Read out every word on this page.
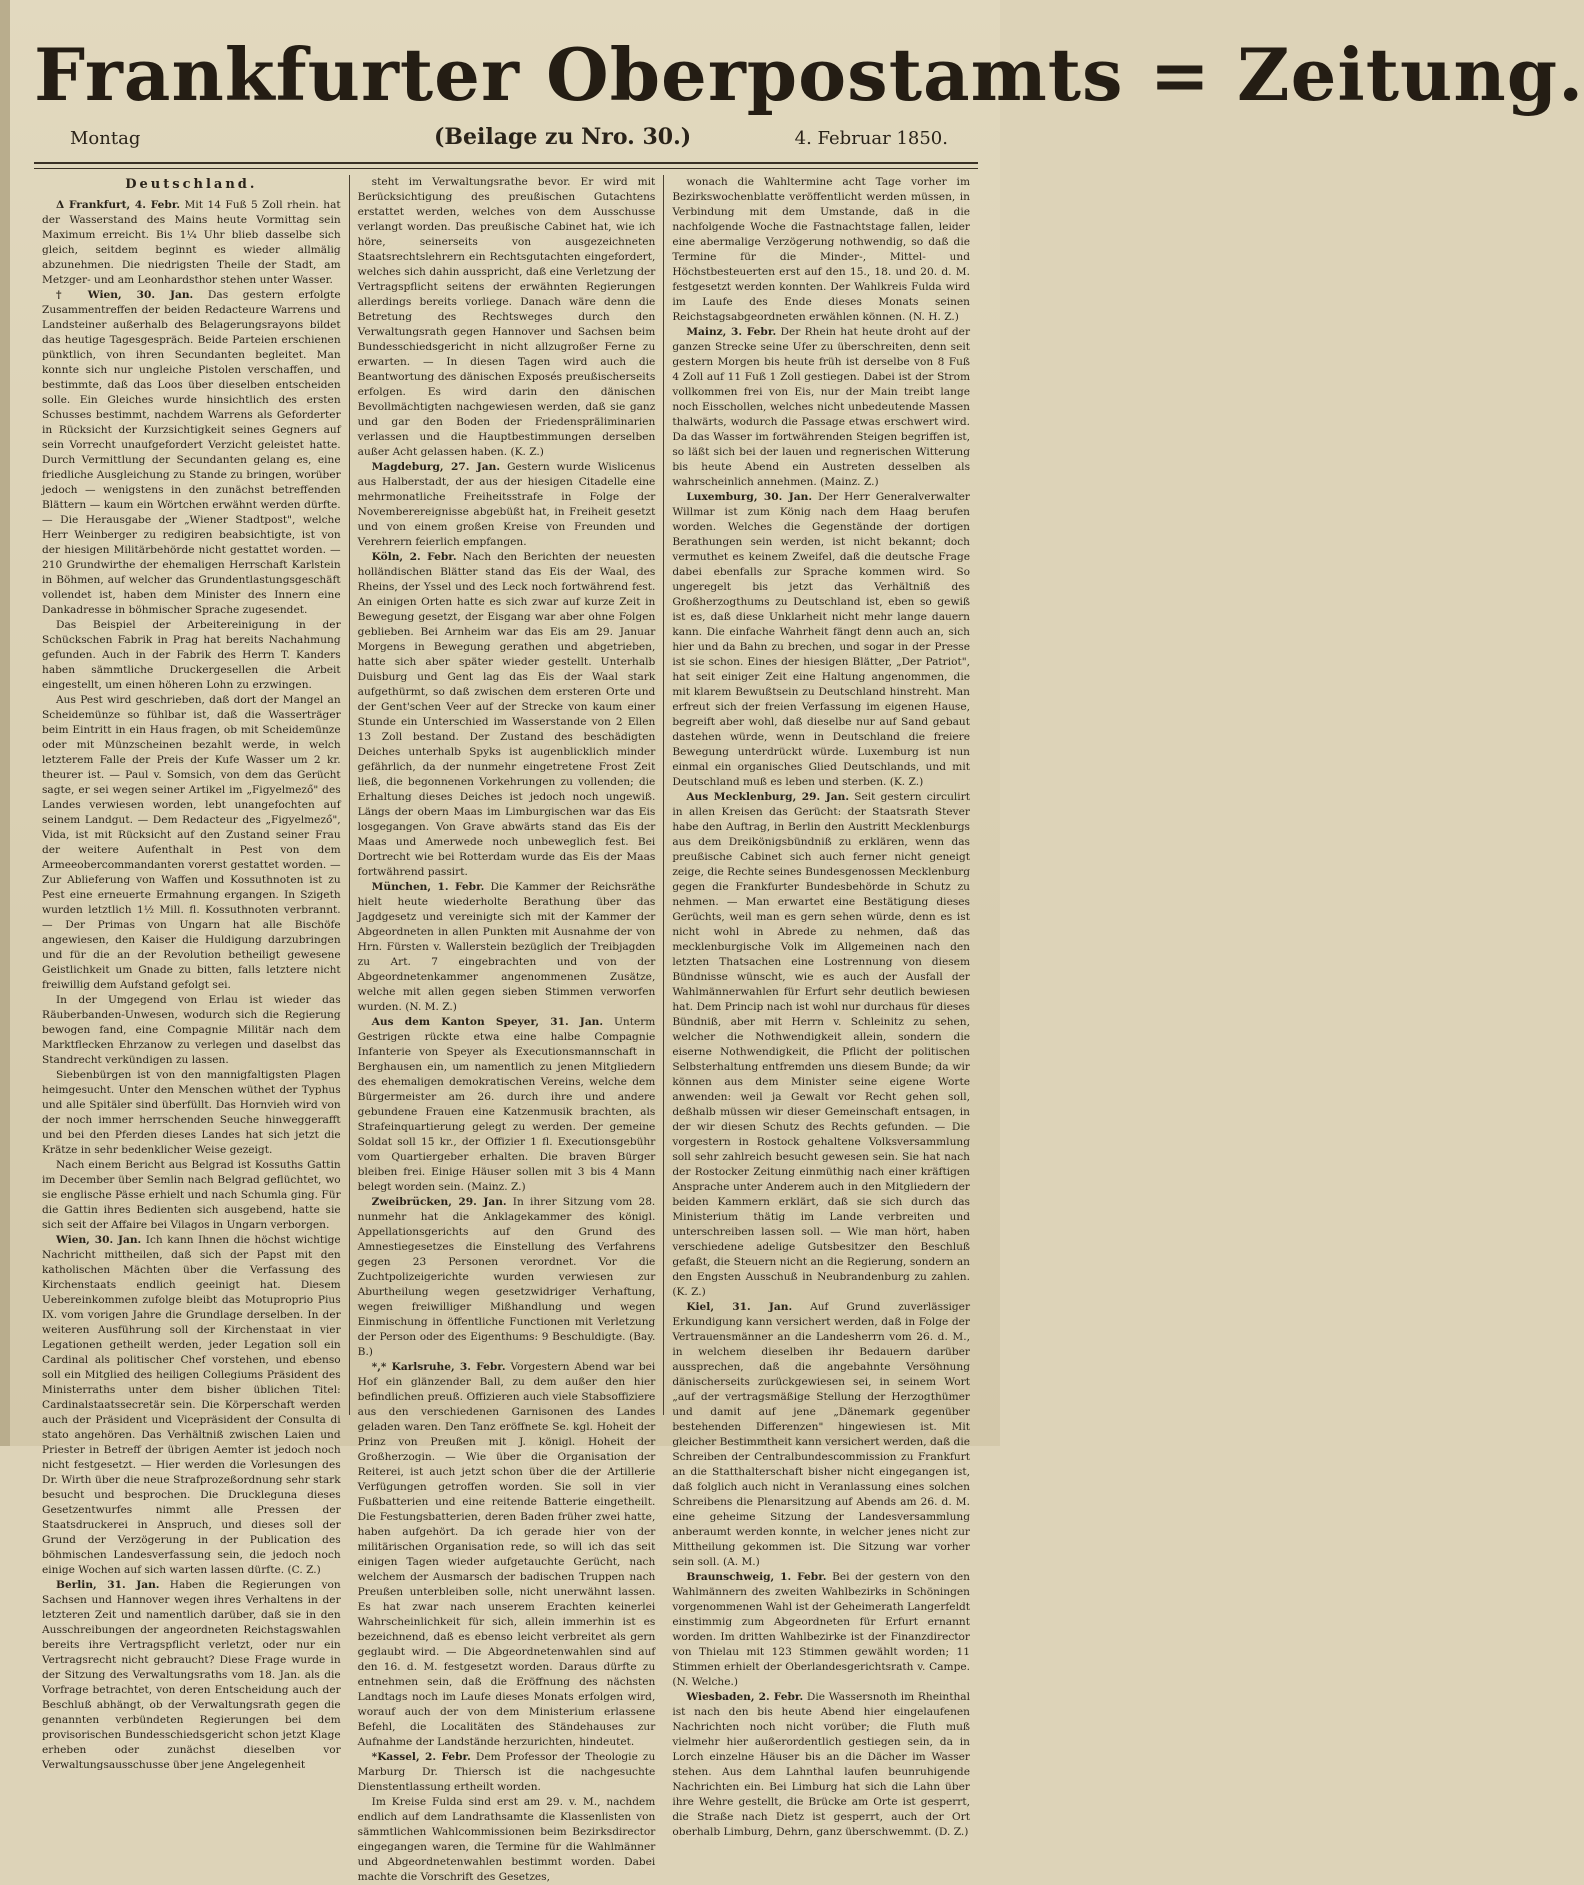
Frankfurter Oberpostamts = Zeitung.
Montag	(Beilage zu Nro. 30.)	4. Februar 1850.
Deutschland.

Δ Frankfurt, 4. Febr. Mit 14 Fuß 5 Zoll rhein. hat der Wasserstand des Mains heute Vormittag sein Maximum erreicht. Bis 1¼ Uhr blieb dasselbe sich gleich, seitdem beginnt es wieder allmälig abzunehmen. Die niedrigsten Theile der Stadt, am Metzger- und am Leonhardsthor stehen unter Wasser.

† Wien, 30. Jan. Das gestern erfolgte Zusammentreffen der beiden Redacteure Warrens und Landsteiner außerhalb des Belagerungsrayons bildet das heutige Tagesgespräch. Beide Parteien erschienen pünktlich, von ihren Secundanten begleitet. Man konnte sich nur ungleiche Pistolen verschaffen, und bestimmte, daß das Loos über dieselben entscheiden solle. Ein Gleiches wurde hinsichtlich des ersten Schusses bestimmt, nachdem Warrens als Geforderter in Rücksicht der Kurzsichtigkeit seines Gegners auf sein Vorrecht unaufgefordert Verzicht geleistet hatte. Durch Vermittlung der Secundanten gelang es, eine friedliche Ausgleichung zu Stande zu bringen, worüber jedoch — wenigstens in den zunächst betreffenden Blättern — kaum ein Wörtchen erwähnt werden dürfte. — Die Herausgabe der „Wiener Stadtpost", welche Herr Weinberger zu redigiren beabsichtigte, ist von der hiesigen Militärbehörde nicht gestattet worden. — 210 Grundwirthe der ehemaligen Herrschaft Karlstein in Böhmen, auf welcher das Grundentlastungsgeschäft vollendet ist, haben dem Minister des Innern eine Dankadresse in böhmischer Sprache zugesendet.

Das Beispiel der Arbeitereinigung in der Schückschen Fabrik in Prag hat bereits Nachahmung gefunden. Auch in der Fabrik des Herrn T. Kanders haben sämmtliche Druckergesellen die Arbeit eingestellt, um einen höheren Lohn zu erzwingen.

Aus Pest wird geschrieben, daß dort der Mangel an Scheidemünze so fühlbar ist, daß die Wasserträger beim Eintritt in ein Haus fragen, ob mit Scheidemünze oder mit Münzscheinen bezahlt werde, in welch letzterem Falle der Preis der Kufe Wasser um 2 kr. theurer ist. — Paul v. Somsich, von dem das Gerücht sagte, er sei wegen seiner Artikel im „Figyelmező" des Landes verwiesen worden, lebt unangefochten auf seinem Landgut. — Dem Redacteur des „Figyelmező", Vida, ist mit Rücksicht auf den Zustand seiner Frau der weitere Aufenthalt in Pest von dem Armeeobercommandanten vorerst gestattet worden. — Zur Ablieferung von Waffen und Kossuthnoten ist zu Pest eine erneuerte Ermahnung ergangen. In Szigeth wurden letztlich 1½ Mill. fl. Kossuthnoten verbrannt. — Der Primas von Ungarn hat alle Bischöfe angewiesen, den Kaiser die Huldigung darzubringen und für die an der Revolution betheiligt gewesene Geistlichkeit um Gnade zu bitten, falls letztere nicht freiwillig dem Aufstand gefolgt sei.

In der Umgegend von Erlau ist wieder das Räuberbanden-Unwesen, wodurch sich die Regierung bewogen fand, eine Compagnie Militär nach dem Marktflecken Ehrzanow zu verlegen und daselbst das Standrecht verkündigen zu lassen.

Siebenbürgen ist von den mannigfaltigsten Plagen heimgesucht. Unter den Menschen wüthet der Typhus und alle Spitäler sind überfüllt. Das Hornvieh wird von der noch immer herrschenden Seuche hinweggerafft und bei den Pferden dieses Landes hat sich jetzt die Krätze in sehr bedenklicher Weise gezeigt.

Nach einem Bericht aus Belgrad ist Kossuths Gattin im December über Semlin nach Belgrad geflüchtet, wo sie englische Pässe erhielt und nach Schumla ging. Für die Gattin ihres Bedienten sich ausgebend, hatte sie sich seit der Affaire bei Vilagos in Ungarn verborgen.

Wien, 30. Jan. Ich kann Ihnen die höchst wichtige Nachricht mittheilen, daß sich der Papst mit den katholischen Mächten über die Verfassung des Kirchenstaats endlich geeinigt hat. Diesem Uebereinkommen zufolge bleibt das Motuproprio Pius IX. vom vorigen Jahre die Grundlage derselben. In der weiteren Ausführung soll der Kirchenstaat in vier Legationen getheilt werden, jeder Legation soll ein Cardinal als politischer Chef vorstehen, und ebenso soll ein Mitglied des heiligen Collegiums Präsident des Ministerraths unter dem bisher üblichen Titel: Cardinalstaatssecretär sein. Die Körperschaft werden auch der Präsident und Vicepräsident der Consulta di stato angehören. Das Verhältniß zwischen Laien und Priester in Betreff der übrigen Aemter ist jedoch noch nicht festgesetzt. — Hier werden die Vorlesungen des Dr. Wirth über die neue Strafprozeßordnung sehr stark besucht und besprochen. Die Druckleguna dieses Gesetzentwurfes nimmt alle Pressen der Staatsdruckerei in Anspruch, und dieses soll der Grund der Verzögerung in der Publication des böhmischen Landesverfassung sein, die jedoch noch einige Wochen auf sich warten lassen dürfte. (C. Z.)

Berlin, 31. Jan. Haben die Regierungen von Sachsen und Hannover wegen ihres Verhaltens in der letzteren Zeit und namentlich darüber, daß sie in den Ausschreibungen der angeordneten Reichstagswahlen bereits ihre Vertragspflicht verletzt, oder nur ein Vertragsrecht nicht gebraucht? Diese Frage wurde in der Sitzung des Verwaltungsraths vom 18. Jan. als die Vorfrage betrachtet, von deren Entscheidung auch der Beschluß abhängt, ob der Verwaltungsrath gegen die genannten verbündeten Regierungen bei dem provisorischen Bundesschiedsgericht schon jetzt Klage erheben oder zunächst dieselben vor Verwaltungsausschusse über jene Angelegenheit

steht im Verwaltungsrathe bevor. Er wird mit Berücksichtigung des preußischen Gutachtens erstattet werden, welches von dem Ausschusse verlangt worden. Das preußische Cabinet hat, wie ich höre, seinerseits von ausgezeichneten Staatsrechtslehrern ein Rechtsgutachten eingefordert, welches sich dahin ausspricht, daß eine Verletzung der Vertragspflicht seitens der erwähnten Regierungen allerdings bereits vorliege. Danach wäre denn die Betretung des Rechtsweges durch den Verwaltungsrath gegen Hannover und Sachsen beim Bundesschiedsgericht in nicht allzugroßer Ferne zu erwarten. — In diesen Tagen wird auch die Beantwortung des dänischen Exposés preußischerseits erfolgen. Es wird darin den dänischen Bevollmächtigten nachgewiesen werden, daß sie ganz und gar den Boden der Friedenspräliminarien verlassen und die Hauptbestimmungen derselben außer Acht gelassen haben. (K. Z.)

Magdeburg, 27. Jan. Gestern wurde Wislicenus aus Halberstadt, der aus der hiesigen Citadelle eine mehrmonatliche Freiheitsstrafe in Folge der Novemberereignisse abgebüßt hat, in Freiheit gesetzt und von einem großen Kreise von Freunden und Verehrern feierlich empfangen.

Köln, 2. Febr. Nach den Berichten der neuesten holländischen Blätter stand das Eis der Waal, des Rheins, der Yssel und des Leck noch fortwährend fest. An einigen Orten hatte es sich zwar auf kurze Zeit in Bewegung gesetzt, der Eisgang war aber ohne Folgen geblieben. Bei Arnheim war das Eis am 29. Januar Morgens in Bewegung gerathen und abgetrieben, hatte sich aber später wieder gestellt. Unterhalb Duisburg und Gent lag das Eis der Waal stark aufgethürmt, so daß zwischen dem ersteren Orte und der Gent'schen Veer auf der Strecke von kaum einer Stunde ein Unterschied im Wasserstande von 2 Ellen 13 Zoll bestand. Der Zustand des beschädigten Deiches unterhalb Spyks ist augenblicklich minder gefährlich, da der nunmehr eingetretene Frost Zeit ließ, die begonnenen Vorkehrungen zu vollenden; die Erhaltung dieses Deiches ist jedoch noch ungewiß. Längs der obern Maas im Limburgischen war das Eis losgegangen. Von Grave abwärts stand das Eis der Maas und Amerwede noch unbeweglich fest. Bei Dortrecht wie bei Rotterdam wurde das Eis der Maas fortwährend passirt.

München, 1. Febr. Die Kammer der Reichsräthe hielt heute wiederholte Berathung über das Jagdgesetz und vereinigte sich mit der Kammer der Abgeordneten in allen Punkten mit Ausnahme der von Hrn. Fürsten v. Wallerstein bezüglich der Treibjagden zu Art. 7 eingebrachten und von der Abgeordnetenkammer angenommenen Zusätze, welche mit allen gegen sieben Stimmen verworfen wurden. (N. M. Z.)

Aus dem Kanton Speyer, 31. Jan. Unterm Gestrigen rückte etwa eine halbe Compagnie Infanterie von Speyer als Executionsmannschaft in Berghausen ein, um namentlich zu jenen Mitgliedern des ehemaligen demokratischen Vereins, welche dem Bürgermeister am 26. durch ihre und andere gebundene Frauen eine Katzenmusik brachten, als Strafeinquartierung gelegt zu werden. Der gemeine Soldat soll 15 kr., der Offizier 1 fl. Executionsgebühr vom Quartiergeber erhalten. Die braven Bürger bleiben frei. Einige Häuser sollen mit 3 bis 4 Mann belegt worden sein. (Mainz. Z.)

Zweibrücken, 29. Jan. In ihrer Sitzung vom 28. nunmehr hat die Anklagekammer des königl. Appellationsgerichts auf den Grund des Amnestiegesetzes die Einstellung des Verfahrens gegen 23 Personen verordnet. Vor die Zuchtpolizeigerichte wurden verwiesen zur Aburtheilung wegen gesetzwidriger Verhaftung, wegen freiwilliger Mißhandlung und wegen Einmischung in öffentliche Functionen mit Verletzung der Person oder des Eigenthums: 9 Beschuldigte. (Bay. B.)

*,* Karlsruhe, 3. Febr. Vorgestern Abend war bei Hof ein glänzender Ball, zu dem außer den hier befindlichen preuß. Offizieren auch viele Stabsoffiziere aus den verschiedenen Garnisonen des Landes geladen waren. Den Tanz eröffnete Se. kgl. Hoheit der Prinz von Preußen mit J. königl. Hoheit der Großherzogin. — Wie über die Organisation der Reiterei, ist auch jetzt schon über die der Artillerie Verfügungen getroffen worden. Sie soll in vier Fußbatterien und eine reitende Batterie eingetheilt. Die Festungsbatterien, deren Baden früher zwei hatte, haben aufgehört. Da ich gerade hier von der militärischen Organisation rede, so will ich das seit einigen Tagen wieder aufgetauchte Gerücht, nach welchem der Ausmarsch der badischen Truppen nach Preußen unterbleiben solle, nicht unerwähnt lassen. Es hat zwar nach unserem Erachten keinerlei Wahrscheinlichkeit für sich, allein immerhin ist es bezeichnend, daß es ebenso leicht verbreitet als gern geglaubt wird. — Die Abgeordnetenwahlen sind auf den 16. d. M. festgesetzt worden. Daraus dürfte zu entnehmen sein, daß die Eröffnung des nächsten Landtags noch im Laufe dieses Monats erfolgen wird, worauf auch der von dem Ministerium erlassene Befehl, die Localitäten des Ständehauses zur Aufnahme der Landstände herzurichten, hindeutet.

*Kassel, 2. Febr. Dem Professor der Theologie zu Marburg Dr. Thiersch ist die nachgesuchte Dienstentlassung ertheilt worden.

Im Kreise Fulda sind erst am 29. v. M., nachdem endlich auf dem Landrathsamte die Klassenlisten von sämmtlichen Wahlcommissionen beim Bezirksdirector eingegangen waren, die Termine für die Wahlmänner und Abgeordnetenwahlen bestimmt worden. Dabei machte die Vorschrift des Gesetzes,

wonach die Wahltermine acht Tage vorher im Bezirkswochenblatte veröffentlicht werden müssen, in Verbindung mit dem Umstande, daß in die nachfolgende Woche die Fastnachtstage fallen, leider eine abermalige Verzögerung nothwendig, so daß die Termine für die Minder-, Mittel- und Höchstbesteuerten erst auf den 15., 18. und 20. d. M. festgesetzt werden konnten. Der Wahlkreis Fulda wird im Laufe des Ende dieses Monats seinen Reichstagsabgeordneten erwählen können. (N. H. Z.)

Mainz, 3. Febr. Der Rhein hat heute droht auf der ganzen Strecke seine Ufer zu überschreiten, denn seit gestern Morgen bis heute früh ist derselbe von 8 Fuß 4 Zoll auf 11 Fuß 1 Zoll gestiegen. Dabei ist der Strom vollkommen frei von Eis, nur der Main treibt lange noch Eisschollen, welches nicht unbedeutende Massen thalwärts, wodurch die Passage etwas erschwert wird. Da das Wasser im fortwährenden Steigen begriffen ist, so läßt sich bei der lauen und regnerischen Witterung bis heute Abend ein Austreten desselben als wahrscheinlich annehmen. (Mainz. Z.)

Luxemburg, 30. Jan. Der Herr Generalverwalter Willmar ist zum König nach dem Haag berufen worden. Welches die Gegenstände der dortigen Berathungen sein werden, ist nicht bekannt; doch vermuthet es keinem Zweifel, daß die deutsche Frage dabei ebenfalls zur Sprache kommen wird. So ungeregelt bis jetzt das Verhältniß des Großherzogthums zu Deutschland ist, eben so gewiß ist es, daß diese Unklarheit nicht mehr lange dauern kann. Die einfache Wahrheit fängt denn auch an, sich hier und da Bahn zu brechen, und sogar in der Presse ist sie schon. Eines der hiesigen Blätter, „Der Patriot", hat seit einiger Zeit eine Haltung angenommen, die mit klarem Bewußtsein zu Deutschland hinstreht. Man erfreut sich der freien Verfassung im eigenen Hause, begreift aber wohl, daß dieselbe nur auf Sand gebaut dastehen würde, wenn in Deutschland die freiere Bewegung unterdrückt würde. Luxemburg ist nun einmal ein organisches Glied Deutschlands, und mit Deutschland muß es leben und sterben. (K. Z.)

Aus Mecklenburg, 29. Jan. Seit gestern circulirt in allen Kreisen das Gerücht: der Staatsrath Stever habe den Auftrag, in Berlin den Austritt Mecklenburgs aus dem Dreikönigsbündniß zu erklären, wenn das preußische Cabinet sich auch ferner nicht geneigt zeige, die Rechte seines Bundesgenossen Mecklenburg gegen die Frankfurter Bundesbehörde in Schutz zu nehmen. — Man erwartet eine Bestätigung dieses Gerüchts, weil man es gern sehen würde, denn es ist nicht wohl in Abrede zu nehmen, daß das mecklenburgische Volk im Allgemeinen nach den letzten Thatsachen eine Lostrennung von diesem Bündnisse wünscht, wie es auch der Ausfall der Wahlmännerwahlen für Erfurt sehr deutlich bewiesen hat. Dem Princip nach ist wohl nur durchaus für dieses Bündniß, aber mit Herrn v. Schleinitz zu sehen, welcher die Nothwendigkeit allein, sondern die eiserne Nothwendigkeit, die Pflicht der politischen Selbsterhaltung entfremden uns diesem Bunde; da wir können aus dem Minister seine eigene Worte anwenden: weil ja Gewalt vor Recht gehen soll, deßhalb müssen wir dieser Gemeinschaft entsagen, in der wir diesen Schutz des Rechts gefunden. — Die vorgestern in Rostock gehaltene Volksversammlung soll sehr zahlreich besucht gewesen sein. Sie hat nach der Rostocker Zeitung einmüthig nach einer kräftigen Ansprache unter Anderem auch in den Mitgliedern der beiden Kammern erklärt, daß sie sich durch das Ministerium thätig im Lande verbreiten und unterschreiben lassen soll. — Wie man hört, haben verschiedene adelige Gutsbesitzer den Beschluß gefaßt, die Steuern nicht an die Regierung, sondern an den Engsten Ausschuß in Neubrandenburg zu zahlen. (K. Z.)

Kiel, 31. Jan. Auf Grund zuverlässiger Erkundigung kann versichert werden, daß in Folge der Vertrauensmänner an die Landesherrn vom 26. d. M., in welchem dieselben ihr Bedauern darüber aussprechen, daß die angebahnte Versöhnung dänischerseits zurückgewiesen sei, in seinem Wort „auf der vertragsmäßige Stellung der Herzogthümer und damit auf jene „Dänemark gegenüber bestehenden Differenzen" hingewiesen ist. Mit gleicher Bestimmtheit kann versichert werden, daß die Schreiben der Centralbundescommission zu Frankfurt an die Statthalterschaft bisher nicht eingegangen ist, daß folglich auch nicht in Veranlassung eines solchen Schreibens die Plenarsitzung auf Abends am 26. d. M. eine geheime Sitzung der Landesversammlung anberaumt werden konnte, in welcher jenes nicht zur Mittheilung gekommen ist. Die Sitzung war vorher sein soll. (A. M.)

Braunschweig, 1. Febr. Bei der gestern von den Wahlmännern des zweiten Wahlbezirks in Schöningen vorgenommenen Wahl ist der Geheimerath Langerfeldt einstimmig zum Abgeordneten für Erfurt ernannt worden. Im dritten Wahlbezirke ist der Finanzdirector von Thielau mit 123 Stimmen gewählt worden; 11 Stimmen erhielt der Oberlandesgerichtsrath v. Campe. (N. Welche.)

Wiesbaden, 2. Febr. Die Wassersnoth im Rheinthal ist nach den bis heute Abend hier eingelaufenen Nachrichten noch nicht vorüber; die Fluth muß vielmehr hier außerordentlich gestiegen sein, da in Lorch einzelne Häuser bis an die Dächer im Wasser stehen. Aus dem Lahnthal laufen beunruhigende Nachrichten ein. Bei Limburg hat sich die Lahn über ihre Wehre gestellt, die Brücke am Orte ist gesperrt, die Straße nach Dietz ist gesperrt, auch der Ort oberhalb Limburg, Dehrn, ganz überschwemmt. (D. Z.)
